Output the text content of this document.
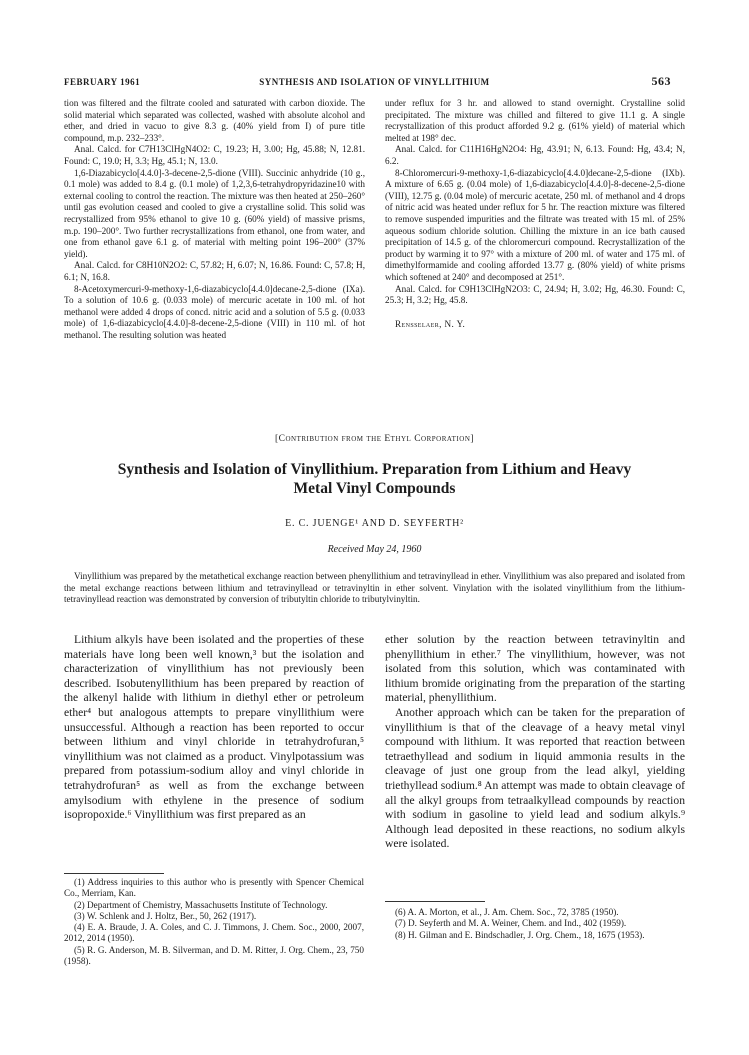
FEBRUARY 1961	SYNTHESIS AND ISOLATION OF VINYLLITHIUM	563

tion was filtered and the filtrate cooled and saturated with carbon dioxide. The solid material which separated was collected, washed with absolute alcohol and ether, and dried in vacuo to give 8.3 g. (40% yield from I) of pure title compound, m.p. 232–233°.

Anal. Calcd. for C7H13ClHgN4O2: C, 19.23; H, 3.00; Hg, 45.88; N, 12.81. Found: C, 19.0; H, 3.3; Hg, 45.1; N, 13.0.

1,6-Diazabicyclo[4.4.0]-3-decene-2,5-dione (VIII). Succinic anhydride (10 g., 0.1 mole) was added to 8.4 g. (0.1 mole) of 1,2,3,6-tetrahydropyridazine10 with external cooling to control the reaction. The mixture was then heated at 250–260° until gas evolution ceased and cooled to give a crystalline solid. This solid was recrystallized from 95% ethanol to give 10 g. (60% yield) of massive prisms, m.p. 190–200°. Two further recrystallizations from ethanol, one from water, and one from ethanol gave 6.1 g. of material with melting point 196–200° (37% yield).

Anal. Calcd. for C8H10N2O2: C, 57.82; H, 6.07; N, 16.86. Found: C, 57.8; H, 6.1; N, 16.8.

8-Acetoxymercuri-9-methoxy-1,6-diazabicyclo[4.4.0]decane-2,5-dione (IXa). To a solution of 10.6 g. (0.033 mole) of mercuric acetate in 100 ml. of hot methanol were added 4 drops of concd. nitric acid and a solution of 5.5 g. (0.033 mole) of 1,6-diazabicyclo[4.4.0]-8-decene-2,5-dione (VIII) in 110 ml. of hot methanol. The resulting solution was heated

under reflux for 3 hr. and allowed to stand overnight. Crystalline solid precipitated. The mixture was chilled and filtered to give 11.1 g. A single recrystallization of this product afforded 9.2 g. (61% yield) of material which melted at 198° dec.

Anal. Calcd. for C11H16HgN2O4: Hg, 43.91; N, 6.13. Found: Hg, 43.4; N, 6.2.

8-Chloromercuri-9-methoxy-1,6-diazabicyclo[4.4.0]decane-2,5-dione (IXb). A mixture of 6.65 g. (0.04 mole) of 1,6-diazabicyclo[4.4.0]-8-decene-2,5-dione (VIII), 12.75 g. (0.04 mole) of mercuric acetate, 250 ml. of methanol and 4 drops of nitric acid was heated under reflux for 5 hr. The reaction mixture was filtered to remove suspended impurities and the filtrate was treated with 15 ml. of 25% aqueous sodium chloride solution. Chilling the mixture in an ice bath caused precipitation of 14.5 g. of the chloromercuri compound. Recrystallization of the product by warming it to 97° with a mixture of 200 ml. of water and 175 ml. of dimethylformamide and cooling afforded 13.77 g. (80% yield) of white prisms which softened at 240° and decomposed at 251°.

Anal. Calcd. for C9H13ClHgN2O3: C, 24.94; H, 3.02; Hg, 46.30. Found: C, 25.3; H, 3.2; Hg, 45.8.

Rensselaer, N. Y.

[Contribution from the Ethyl Corporation]
Synthesis and Isolation of Vinyllithium. Preparation from Lithium and Heavy
Metal Vinyl Compounds
E. C. JUENGE¹ AND D. SEYFERTH²
Received May 24, 1960
Vinyllithium was prepared by the metathetical exchange reaction between phenyllithium and tetravinyllead in ether. Vinyllithium was also prepared and isolated from the metal exchange reactions between lithium and tetravinyllead or tetravinyltin in ether solvent. Vinylation with the isolated vinyllithium from the lithium-tetravinyllead reaction was demonstrated by conversion of tributyltin chloride to tributylvinyltin.

Lithium alkyls have been isolated and the properties of these materials have long been well known,³ but the isolation and characterization of vinyllithium has not previously been described. Isobutenyllithium has been prepared by reaction of the alkenyl halide with lithium in diethyl ether or petroleum ether⁴ but analogous attempts to prepare vinyllithium were unsuccessful. Although a reaction has been reported to occur between lithium and vinyl chloride in tetrahydrofuran,⁵ vinyllithium was not claimed as a product. Vinylpotassium was prepared from potassium-sodium alloy and vinyl chloride in tetrahydrofuran⁵ as well as from the exchange between amylsodium with ethylene in the presence of sodium isopropoxide.⁶ Vinyllithium was first prepared as an

ether solution by the reaction between tetravinyltin and phenyllithium in ether.⁷ The vinyllithium, however, was not isolated from this solution, which was contaminated with lithium bromide originating from the preparation of the starting material, phenyllithium.

Another approach which can be taken for the preparation of vinyllithium is that of the cleavage of a heavy metal vinyl compound with lithium. It was reported that reaction between tetraethyllead and sodium in liquid ammonia results in the cleavage of just one group from the lead alkyl, yielding triethyllead sodium.⁸ An attempt was made to obtain cleavage of all the alkyl groups from tetraalkyllead compounds by reaction with sodium in gasoline to yield lead and sodium alkyls.⁹ Although lead deposited in these reactions, no sodium alkyls were isolated.

(1) Address inquiries to this author who is presently with Spencer Chemical Co., Merriam, Kan.

(2) Department of Chemistry, Massachusetts Institute of Technology.

(3) W. Schlenk and J. Holtz, Ber., 50, 262 (1917).

(4) E. A. Braude, J. A. Coles, and C. J. Timmons, J. Chem. Soc., 2000, 2007, 2012, 2014 (1950).

(5) R. G. Anderson, M. B. Silverman, and D. M. Ritter, J. Org. Chem., 23, 750 (1958).

(6) A. A. Morton, et al., J. Am. Chem. Soc., 72, 3785 (1950).

(7) D. Seyferth and M. A. Weiner, Chem. and Ind., 402 (1959).

(8) H. Gilman and E. Bindschadler, J. Org. Chem., 18, 1675 (1953).
